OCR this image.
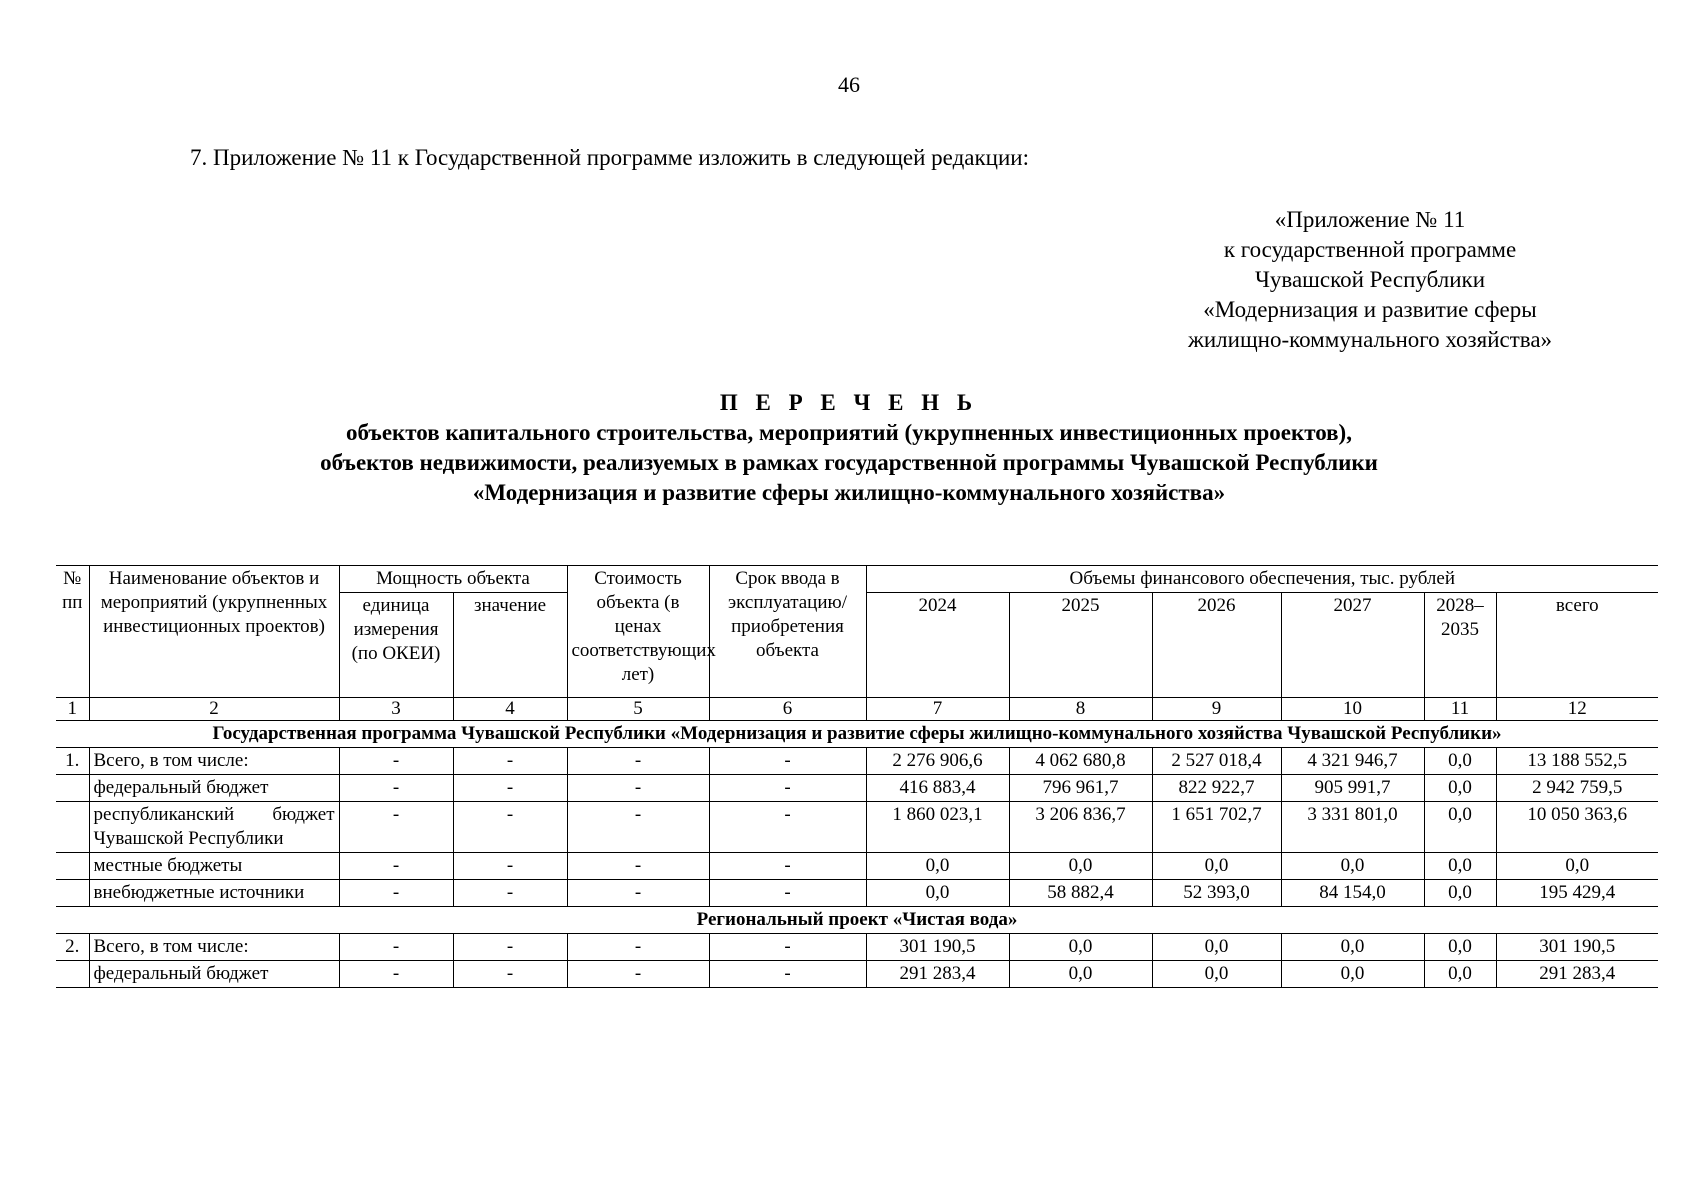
46
7. Приложение № 11 к Государственной программе изложить в следующей редакции:
«Приложение № 11
к государственной программе
Чувашской Республики
«Модернизация и развитие сферы
жилищно-коммунального хозяйства»
П Е Р Е Ч Е Н Ь
объектов капитального строительства, мероприятий (укрупненных инвестиционных проектов),
объектов недвижимости, реализуемых в рамках государственной программы Чувашской Республики
«Модернизация и развитие сферы жилищно-коммунального хозяйства»
№ пп	Наименование объектов и мероприятий (укрупненных инвестиционных проектов)	Мощность объекта		Стоимость объекта (в ценах соответствующих лет)	Срок ввода в эксплуатацию/ приобретения объекта	Объемы финансового обеспечения, тыс. рублей					
		единица измерения (по ОКЕИ)	значение			2024	2025	2026	2027	2028–2035	всего
1	2	3	4	5	6	7	8	9	10	11	12
Государственная программа Чувашской Республики «Модернизация и развитие сферы жилищно-коммунального хозяйства Чувашской Республики»											
1.	Всего, в том числе:	-	-	-	-	2 276 906,6	4 062 680,8	2 527 018,4	4 321 946,7	0,0	13 188 552,5
	федеральный бюджет	-	-	-	-	416 883,4	796 961,7	822 922,7	905 991,7	0,0	2 942 759,5
	республиканский бюджет Чувашской Республики	-	-	-	-	1 860 023,1	3 206 836,7	1 651 702,7	3 331 801,0	0,0	10 050 363,6
	местные бюджеты	-	-	-	-	0,0	0,0	0,0	0,0	0,0	0,0
	внебюджетные источники	-	-	-	-	0,0	58 882,4	52 393,0	84 154,0	0,0	195 429,4
Региональный проект «Чистая вода»											
2.	Всего, в том числе:	-	-	-	-	301 190,5	0,0	0,0	0,0	0,0	301 190,5
	федеральный бюджет	-	-	-	-	291 283,4	0,0	0,0	0,0	0,0	291 283,4
